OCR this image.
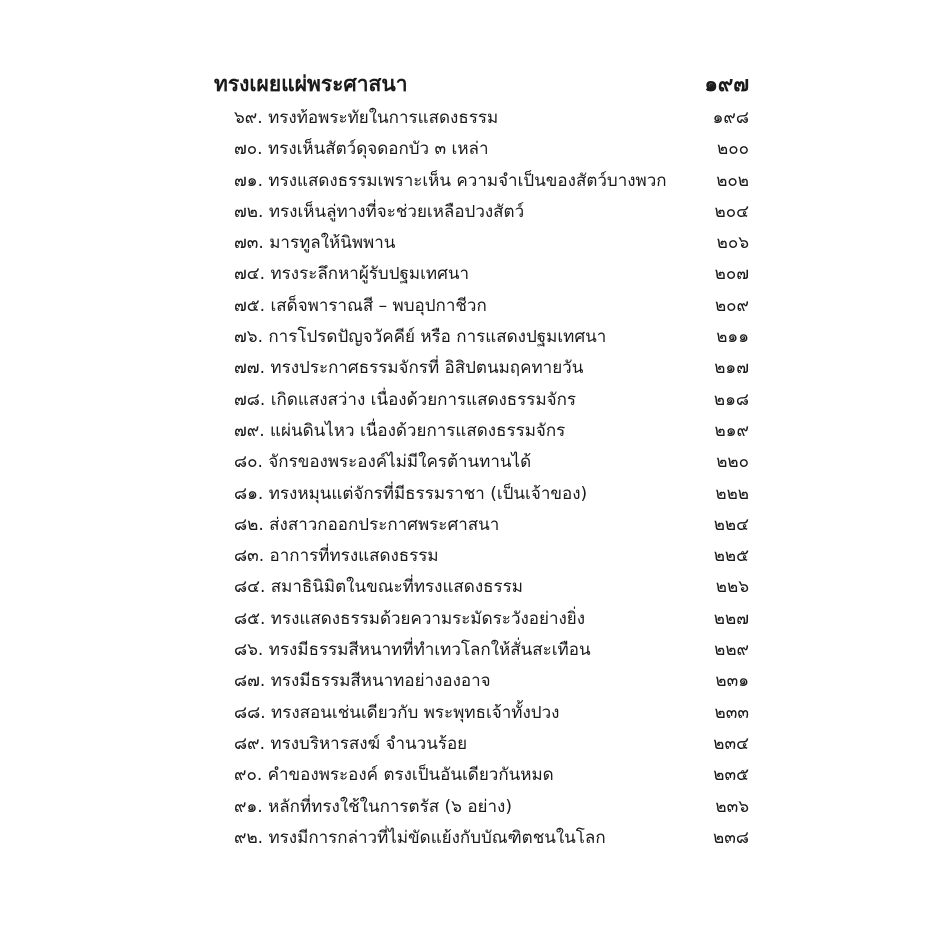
ทรงเผยแผ่พระศาสนา	๑๙๗
๖๙. ทรงท้อพระทัยในการแสดงธรรม	๑๙๘
๗๐. ทรงเห็นสัตว์ดุจดอกบัว ๓ เหล่า	๒๐๐
๗๑. ทรงแสดงธรรมเพราะเห็น ความจำเป็นของสัตว์บางพวก	๒๐๒
๗๒. ทรงเห็นลู่ทางที่จะช่วยเหลือปวงสัตว์	๒๐๔
๗๓. มารทูลให้นิพพาน	๒๐๖
๗๔. ทรงระลึกหาผู้รับปฐมเทศนา	๒๐๗
๗๕. เสด็จพาราณสี – พบอุปกาชีวก	๒๐๙
๗๖. การโปรดปัญจวัคคีย์ หรือ การแสดงปฐมเทศนา	๒๑๑
๗๗. ทรงประกาศธรรมจักรที่ อิสิปตนมฤคทายวัน	๒๑๗
๗๘. เกิดแสงสว่าง เนื่องด้วยการแสดงธรรมจักร	๒๑๘
๗๙. แผ่นดินไหว เนื่องด้วยการแสดงธรรมจักร	๒๑๙
๘๐. จักรของพระองค์ไม่มีใครต้านทานได้	๒๒๐
๘๑. ทรงหมุนแต่จักรที่มีธรรมราชา (เป็นเจ้าของ)	๒๒๒
๘๒. ส่งสาวกออกประกาศพระศาสนา	๒๒๔
๘๓. อาการที่ทรงแสดงธรรม	๒๒๕
๘๔. สมาธินิมิตในขณะที่ทรงแสดงธรรม	๒๒๖
๘๕. ทรงแสดงธรรมด้วยความระมัดระวังอย่างยิ่ง	๒๒๗
๘๖. ทรงมีธรรมสีหนาทที่ทำเทวโลกให้สั่นสะเทือน	๒๒๙
๘๗. ทรงมีธรรมสีหนาทอย่างองอาจ	๒๓๑
๘๘. ทรงสอนเช่นเดียวกับ พระพุทธเจ้าทั้งปวง	๒๓๓
๘๙. ทรงบริหารสงฆ์ จำนวนร้อย	๒๓๔
๙๐. คำของพระองค์ ตรงเป็นอันเดียวกันหมด	๒๓๕
๙๑. หลักที่ทรงใช้ในการตรัส (๖ อย่าง)	๒๓๖
๙๒. ทรงมีการกล่าวที่ไม่ขัดแย้งกับบัณฑิตชนในโลก	๒๓๘
